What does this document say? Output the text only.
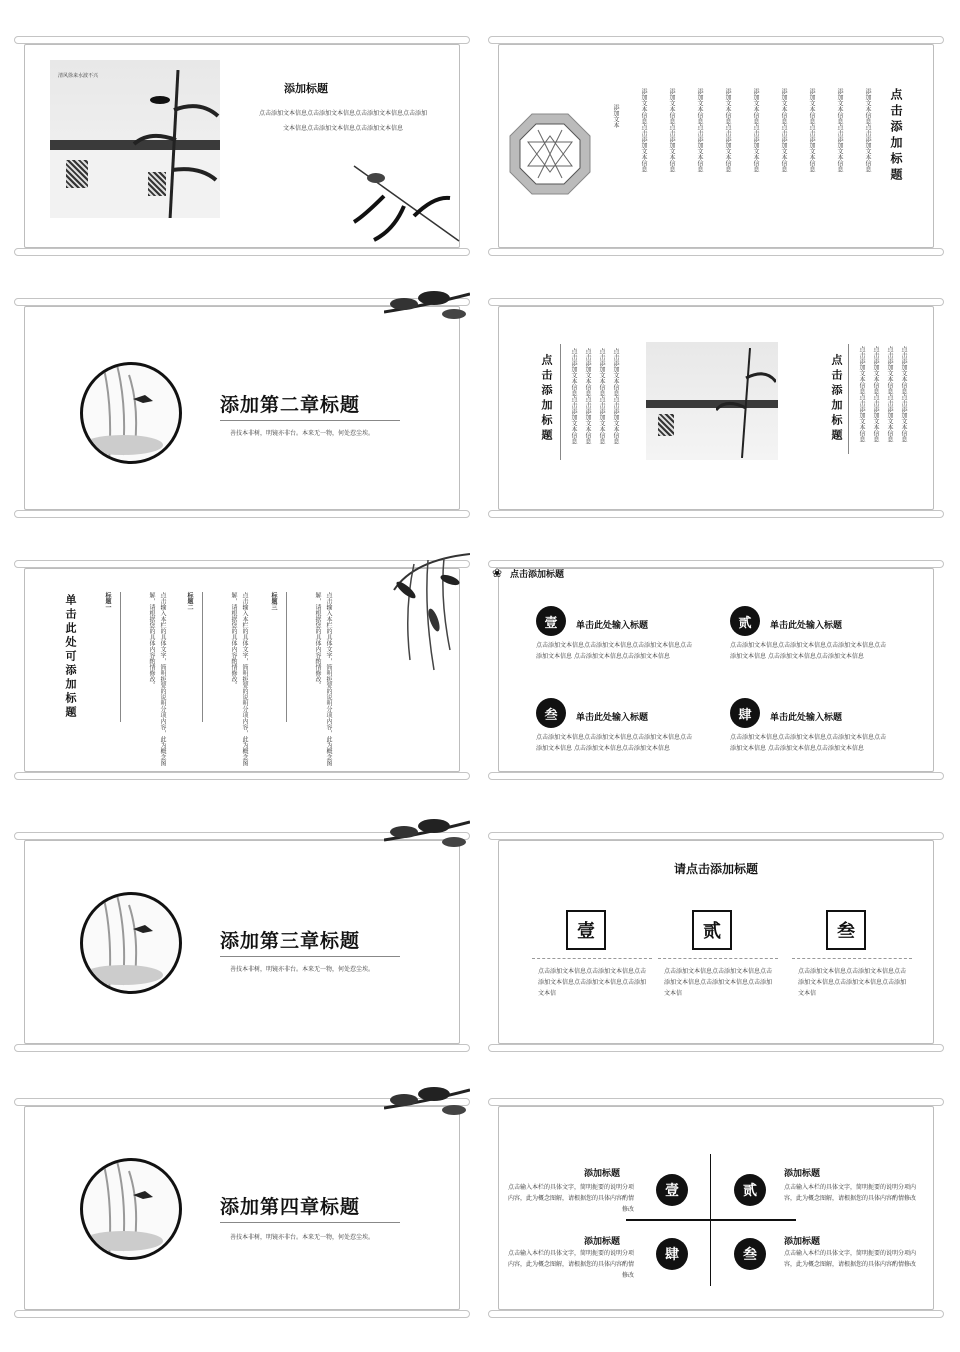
清风徐来水波不兴
添加标题
点击添加文本信息点击添加文本信息点击添加文本信息点击添加文本信息点击添加文本信息点击添加文本信息
添加文本	添加文本信息点击添加文本信息	添加文本信息点击添加文本信息	添加文本信息点击添加文本信息	添加文本信息点击添加文本信息	添加文本信息点击添加文本信息	添加文本信息点击添加文本信息	添加文本信息点击添加文本信息	添加文本信息点击添加文本信息	添加文本信息点击添加文本信息 点击添加标题
添加第二章标题
善技本非树，明镜亦非台。本来无一物，何处惹尘埃。	点击添加标题	点击添加文本信息点击添加文本信息	点击添加文本信息点击添加文本信息	点击添加文本信息点击添加文本信息	点击添加文本信息点击添加文本信息	点击添加标题	点击添加文本信息点击添加文本信息	点击添加文本信息点击添加文本信息	点击添加文本信息点击添加文本信息	点击添加文本信息点击添加文本信息
单击此处可添加标题	标题一	点击输入本栏的具体文字，简明扼要的说明分项内容，此为概念图解，请根据您的具体内容酌情修改。	标题二	点击输入本栏的具体文字，简明扼要的说明分项内容，此为概念图解，请根据您的具体内容酌情修改。	标题三	点击输入本栏的具体文字，简明扼要的说明分项内容，此为概念图解，请根据您的具体内容酌情修改。
❀ 点击添加标题
壹	单击此处输入标题
点击添加文本信息点击添加文本信息点击添加文本信息点击添加文本信息 点击添加文本信息点击添加文本信息
贰	单击此处输入标题
点击添加文本信息点击添加文本信息点击添加文本信息点击添加文本信息 点击添加文本信息点击添加文本信息
叁	单击此处输入标题
点击添加文本信息点击添加文本信息点击添加文本信息点击添加文本信息 点击添加文本信息点击添加文本信息
肆	单击此处输入标题
点击添加文本信息点击添加文本信息点击添加文本信息点击添加文本信息 点击添加文本信息点击添加文本信息
添加第三章标题
善技本非树，明镜亦非台。本来无一物，何处惹尘埃。
请点击添加标题
壹
点击添加文本信息点击添加文本信息点击添加文本信息点击添加文本信息点击添加文本信
贰
点击添加文本信息点击添加文本信息点击添加文本信息点击添加文本信息点击添加文本信
叁
点击添加文本信息点击添加文本信息点击添加文本信息点击添加文本信息点击添加文本信
添加第四章标题
善技本非树，明镜亦非台。本来无一物，何处惹尘埃。
壹
添加标题
点击输入本栏的具体文字，简明扼要的说明分项内容，此为概念图解，请根据您的具体内容酌情修改
贰
添加标题
点击输入本栏的具体文字，简明扼要的说明分项内容，此为概念图解，请根据您的具体内容酌情修改
肆
添加标题
点击输入本栏的具体文字，简明扼要的说明分项内容，此为概念图解，请根据您的具体内容酌情修改
叁
添加标题
点击输入本栏的具体文字，简明扼要的说明分项内容，此为概念图解，请根据您的具体内容酌情修改
